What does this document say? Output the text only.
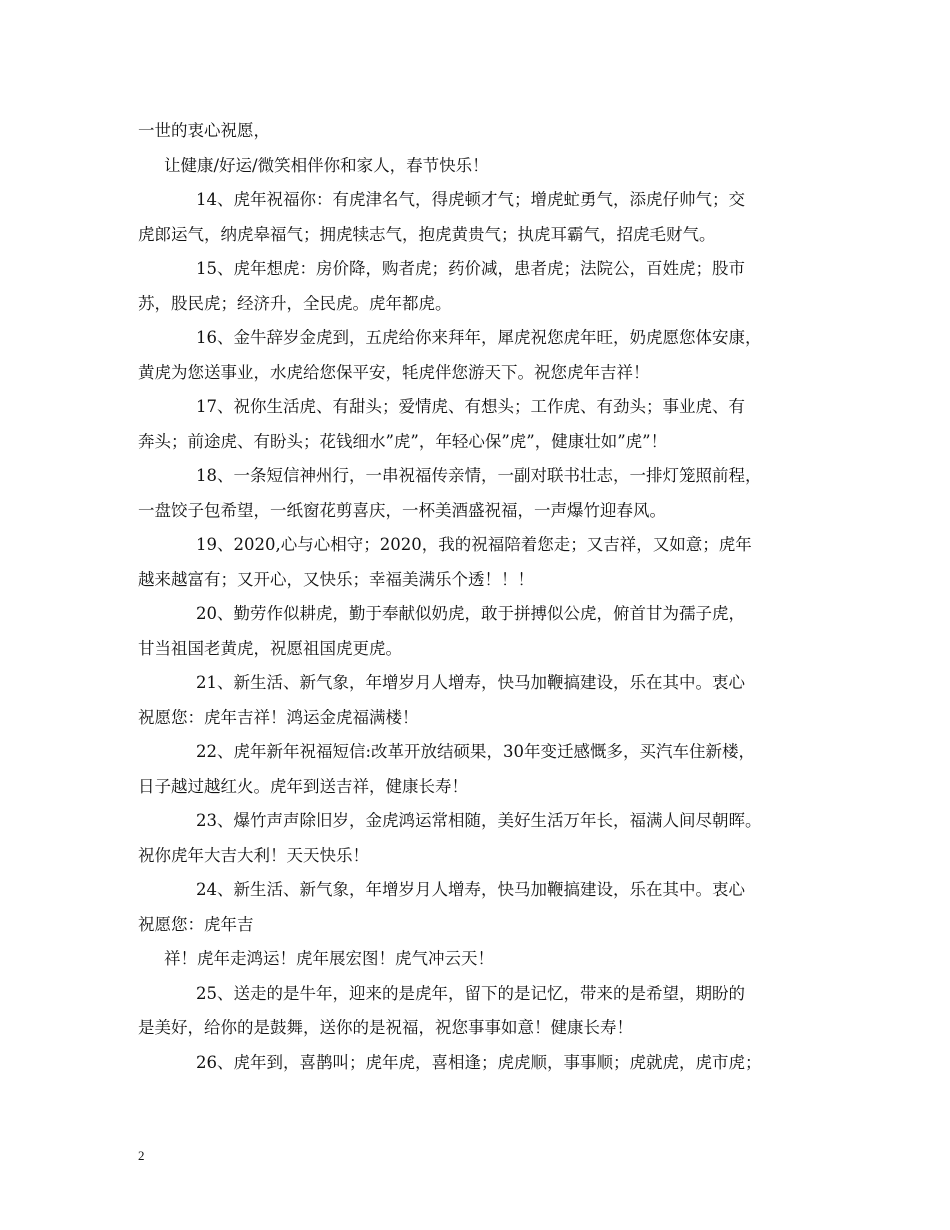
一世的衷心祝愿，
让健康/好运/微笑相伴你和家人，春节快乐！
14、虎年祝福你：有虎津名气，得虎顿才气；增虎虻勇气，添虎仔帅气；交
虎郎运气，纳虎皋福气；拥虎犊志气，抱虎黄贵气；执虎耳霸气，招虎毛财气。
15、虎年想虎：房价降，购者虎；药价减，患者虎；法院公，百姓虎；股市
苏，股民虎；经济升，全民虎。虎年都虎。
16、金牛辞岁金虎到，五虎给你来拜年，犀虎祝您虎年旺，奶虎愿您体安康，
黄虎为您送事业，水虎给您保平安，牦虎伴您游天下。祝您虎年吉祥！
17、祝你生活虎、有甜头；爱情虎、有想头；工作虎、有劲头；事业虎、有
奔头；前途虎、有盼头；花钱细水”虎”，年轻心保”虎”，健康壮如”虎”！
18、一条短信神州行，一串祝福传亲情，一副对联书壮志，一排灯笼照前程，
一盘饺子包希望，一纸窗花剪喜庆，一杯美酒盛祝福，一声爆竹迎春风。
19、2020,心与心相守；2020，我的祝福陪着您走；又吉祥，又如意；虎年
越来越富有；又开心，又快乐；幸福美满乐个透！！！
20、勤劳作似耕虎，勤于奉献似奶虎，敢于拼搏似公虎，俯首甘为孺子虎，
甘当祖国老黄虎，祝愿祖国虎更虎。
21、新生活、新气象，年增岁月人增寿，快马加鞭搞建设，乐在其中。衷心
祝愿您：虎年吉祥！鸿运金虎福满楼！
22、虎年新年祝福短信:改革开放结硕果，30年变迁感慨多，买汽车住新楼，
日子越过越红火。虎年到送吉祥，健康长寿！
23、爆竹声声除旧岁，金虎鸿运常相随，美好生活万年长，福满人间尽朝晖。
祝你虎年大吉大利！天天快乐！
24、新生活、新气象，年增岁月人增寿，快马加鞭搞建设，乐在其中。衷心
祝愿您：虎年吉
祥！虎年走鸿运！虎年展宏图！虎气冲云天！
25、送走的是牛年，迎来的是虎年，留下的是记忆，带来的是希望，期盼的
是美好，给你的是鼓舞，送你的是祝福，祝您事事如意！健康长寿！
26、虎年到，喜鹊叫；虎年虎，喜相逢；虎虎顺，事事顺；虎就虎，虎市虎；
2
